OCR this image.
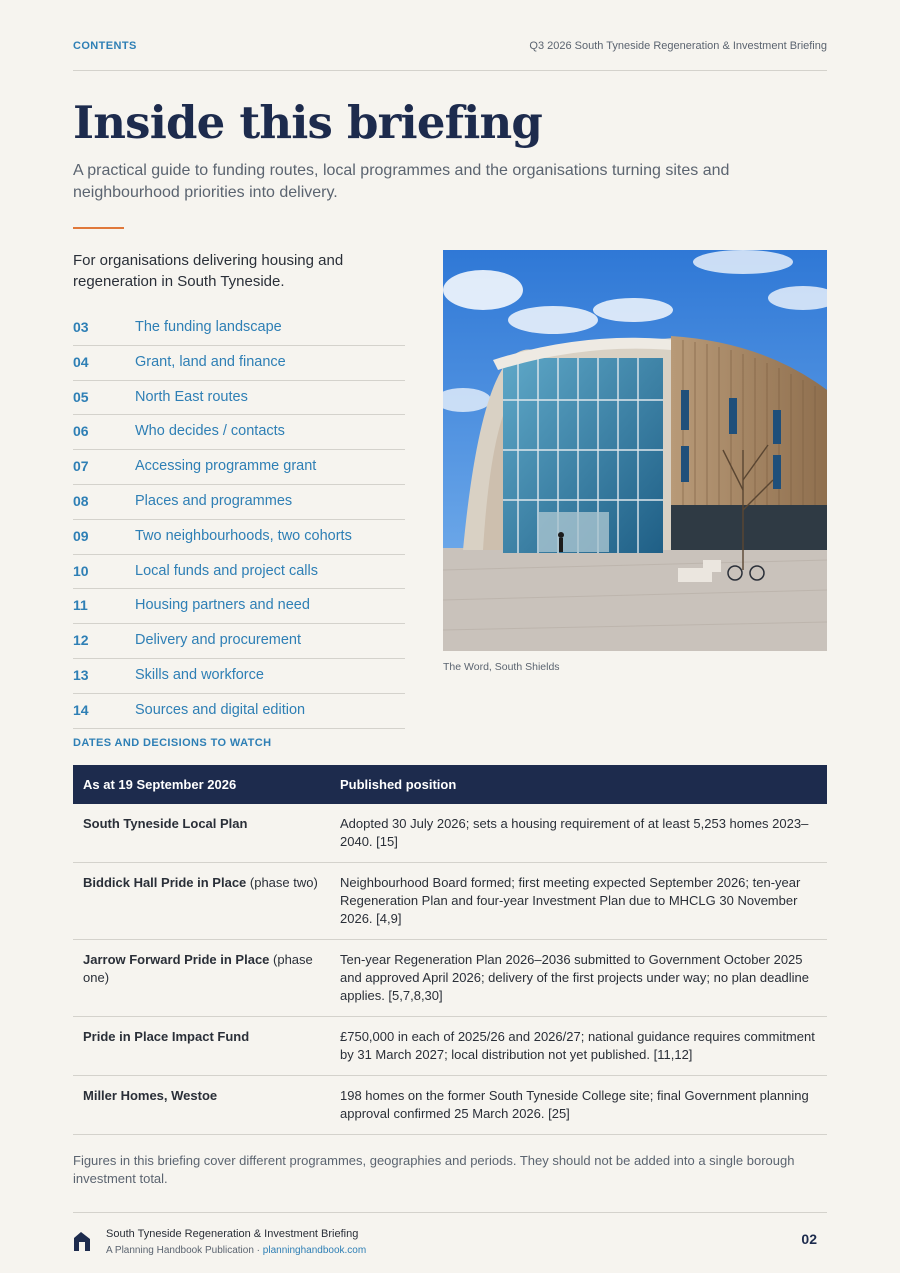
CONTENTS	Q3 2026 South Tyneside Regeneration & Investment Briefing
Inside this briefing

A practical guide to funding routes, local programmes and the organisations turning sites and neighbourhood priorities into delivery.

For organisations delivering housing and regeneration in South Tyneside.

03	The funding landscape
04	Grant, land and finance
05	North East routes
06	Who decides / contacts
07	Accessing programme grant
08	Places and programmes
09	Two neighbourhoods, two cohorts
10	Local funds and project calls
11	Housing partners and need
12	Delivery and procurement
13	Skills and workforce
14	Sources and digital edition

The Word, South Shields

DATES AND DECISIONS TO WATCH

As at 19 September 2026	Published position
South Tyneside Local Plan	Adopted 30 July 2026; sets a housing requirement of at least 5,253 homes 2023–2040. [15]
Biddick Hall Pride in Place (phase two)	Neighbourhood Board formed; first meeting expected September 2026; ten-year Regeneration Plan and four-year Investment Plan due to MHCLG 30 November 2026. [4,9]
Jarrow Forward Pride in Place (phase one)	Ten-year Regeneration Plan 2026–2036 submitted to Government October 2025 and approved April 2026; delivery of the first projects under way; no plan deadline applies. [5,7,8,30]
Pride in Place Impact Fund	£750,000 in each of 2025/26 and 2026/27; national guidance requires commitment by 31 March 2027; local distribution not yet published. [11,12]
Miller Homes, Westoe	198 homes on the former South Tyneside College site; final Government planning approval confirmed 25 March 2026. [25]

Figures in this briefing cover different programmes, geographies and periods. They should not be added into a single borough investment total.

South Tyneside Regeneration & Investment Briefing

A Planning Handbook Publication · planninghandbook.com

02
